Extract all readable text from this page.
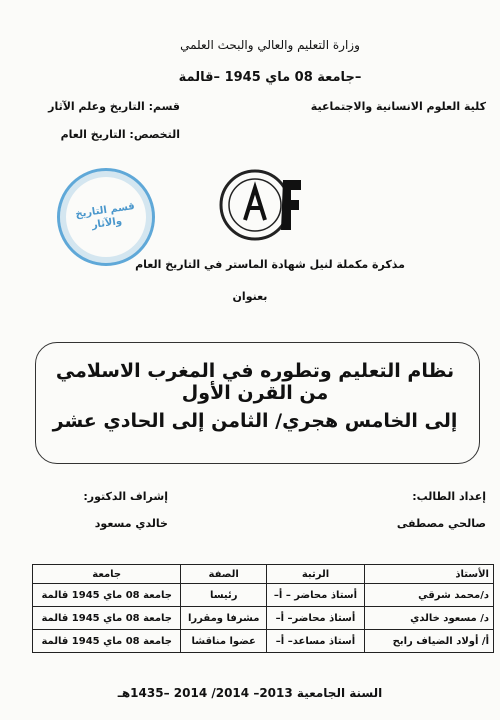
وزارة التعليم والعالي والبحث العلمي
جامعة 08 ماي 1945 –قالمة–
كلية العلوم الانسانية والاجتماعية
قسم: التاريخ وعلم الآثار
التخصص: التاريخ العام
قسم التاريخ والآثار
مذكرة مكملة لنيل شهادة الماستر في التاريخ العام
بعنوان
نظام التعليم وتطوره في المغرب الاسلامي من القرن الأول
إلى الخامس هجري/ الثامن إلى الحادي عشر
إعداد الطالب:
صالحي مصطفى
إشراف الدكتور:
خالدي مسعود
الأستاذ	الرتبة	الصفة	جامعة
د/محمد شرقي	أستاذ محاضر – أ–	رئيسا	جامعة 08 ماي 1945 قالمة
د/ مسعود خالدي	أستاذ محاضر– أ–	مشرفا ومقررا	جامعة 08 ماي 1945 قالمة
أ/ أولاد الضياف رابح	أستاذ مساعد– أ–	عضوا مناقشا	جامعة 08 ماي 1945 قالمة
السنة الجامعية 2013– 2014/ 2014 –1435هـ
